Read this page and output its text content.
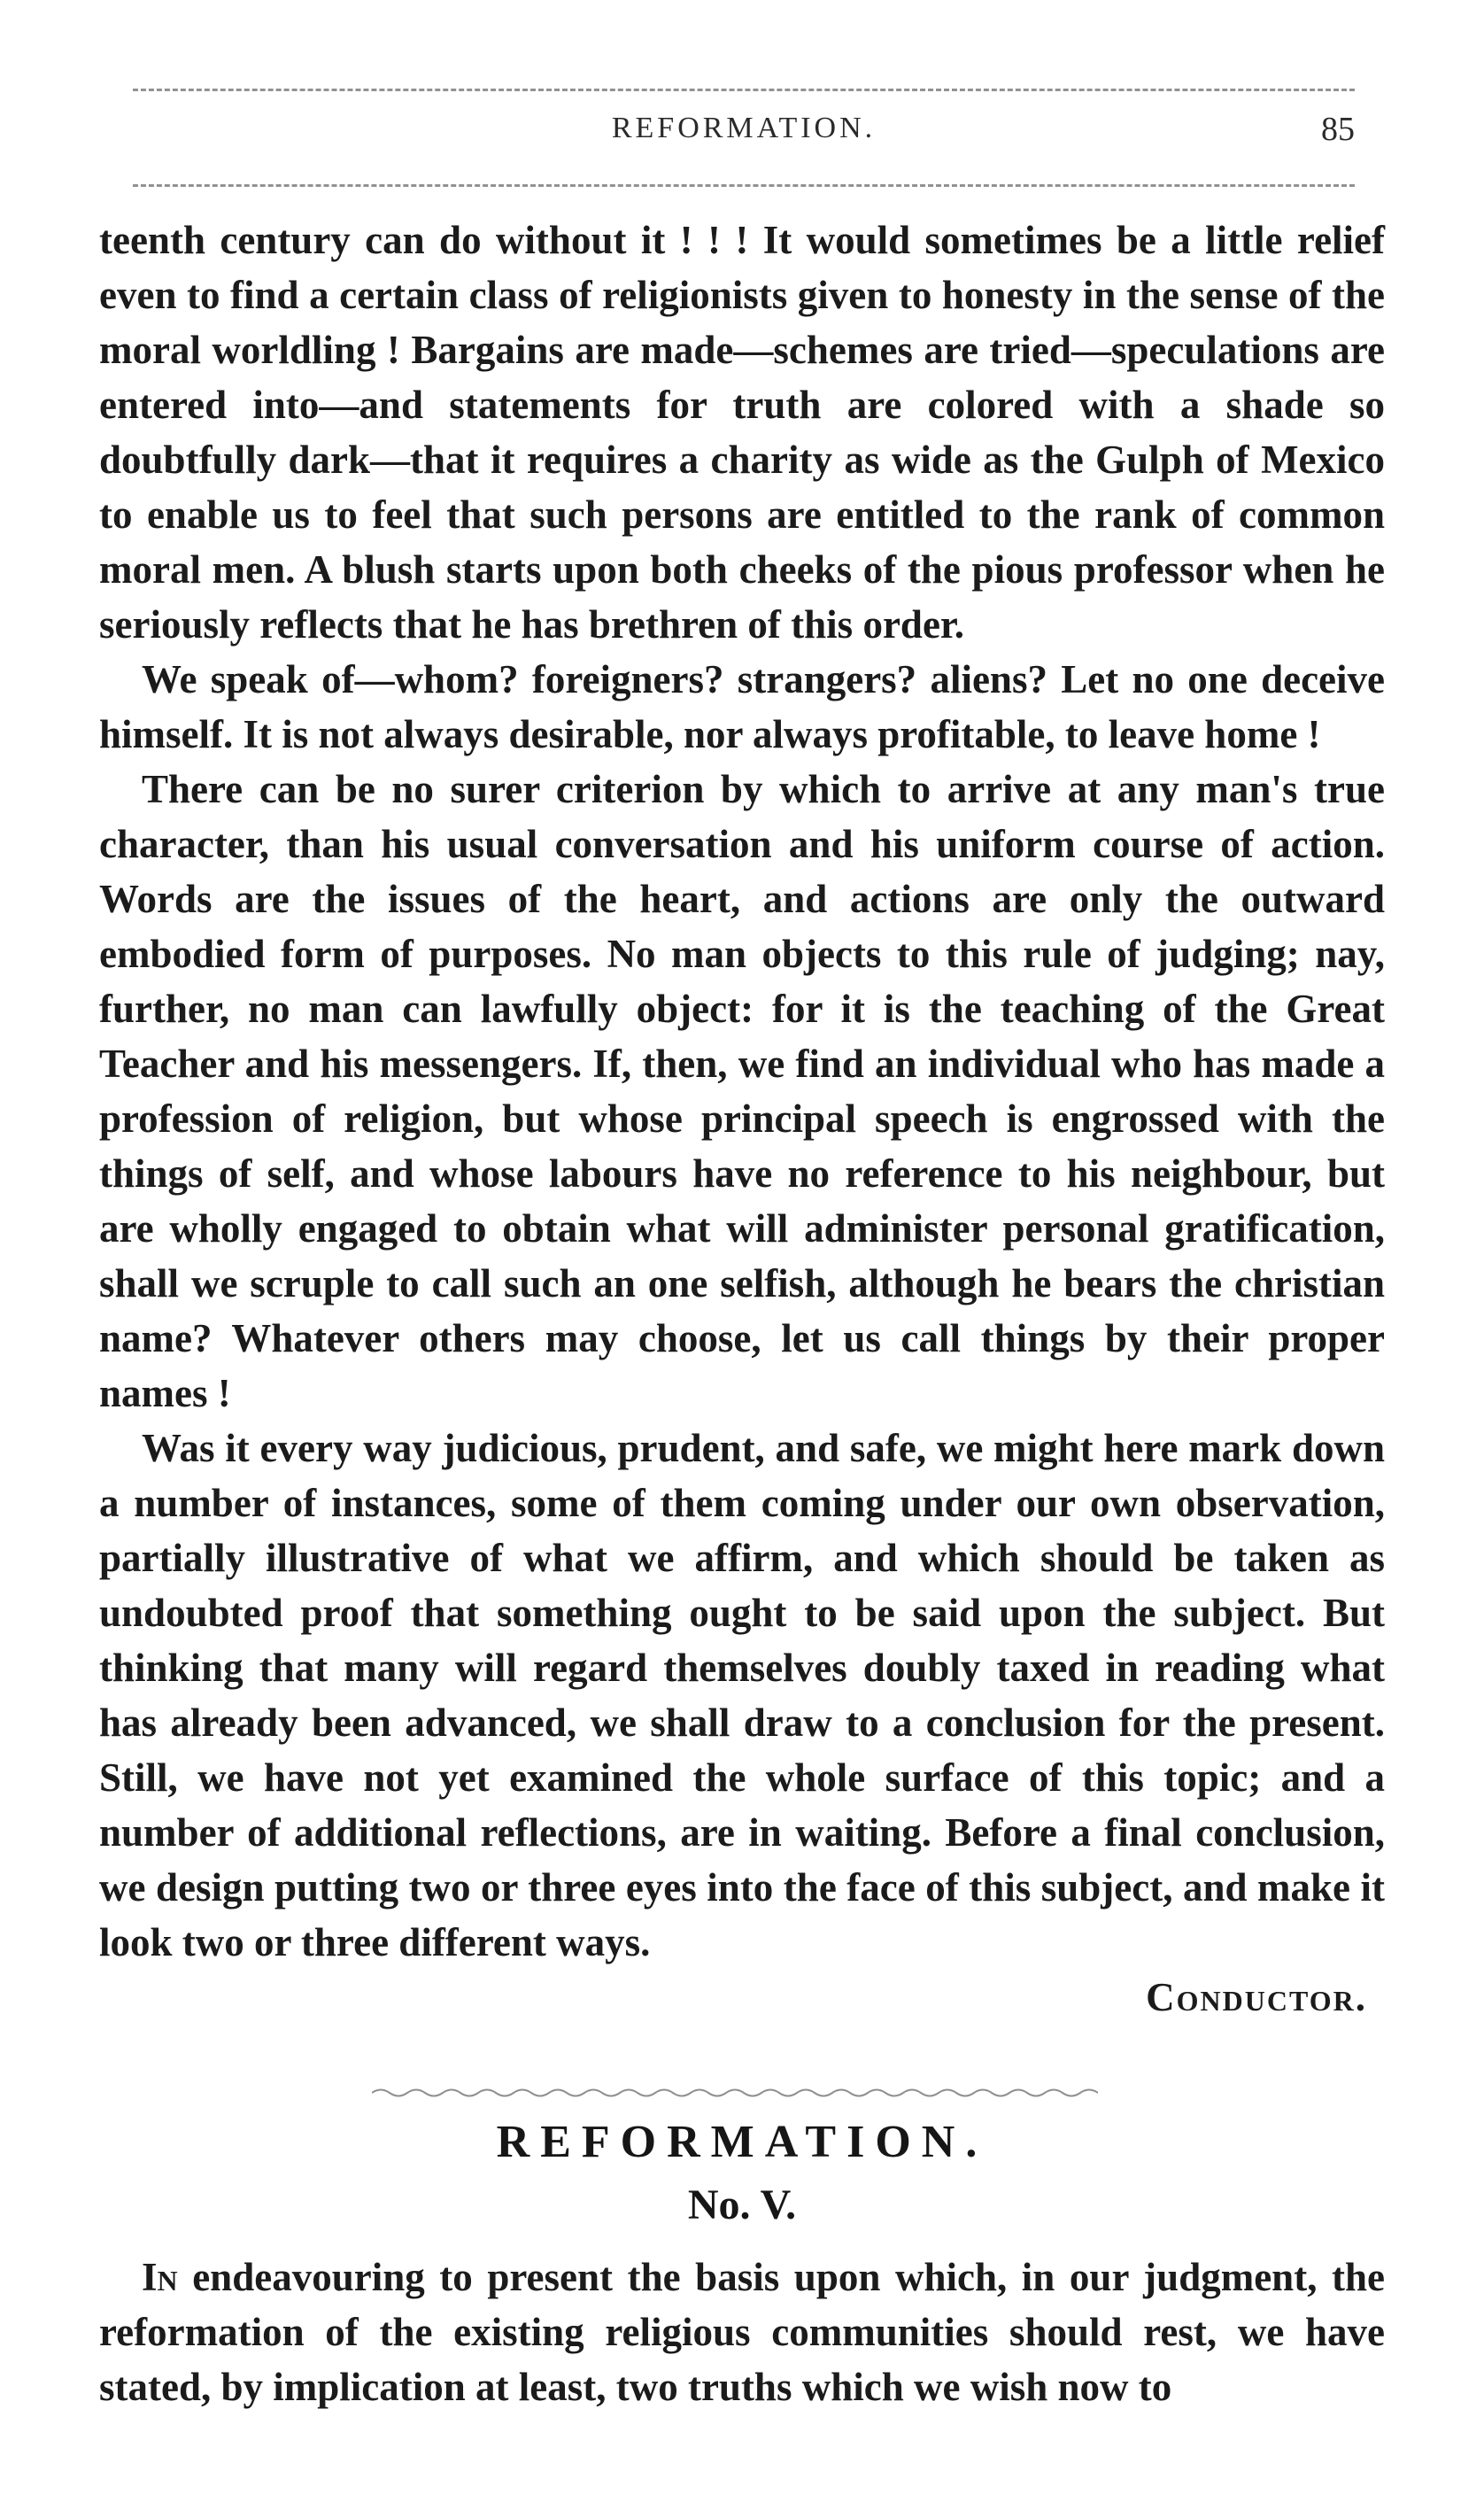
REFORMATION.	85

teenth century can do without it ! ! ! It would sometimes be a little relief even to find a certain class of religionists given to honesty in the sense of the moral worldling ! Bargains are made—schemes are tried—speculations are entered into—and statements for truth are colored with a shade so doubtfully dark—that it requires a charity as wide as the Gulph of Mexico to enable us to feel that such persons are entitled to the rank of common moral men. A blush starts upon both cheeks of the pious professor when he seriously reflects that he has brethren of this order.

We speak of—whom? foreigners? strangers? aliens? Let no one deceive himself. It is not always desirable, nor always profitable, to leave home !

There can be no surer criterion by which to arrive at any man's true character, than his usual conversation and his uniform course of action. Words are the issues of the heart, and actions are only the outward embodied form of purposes. No man objects to this rule of judging; nay, further, no man can lawfully object: for it is the teaching of the Great Teacher and his messengers. If, then, we find an individual who has made a profession of religion, but whose principal speech is engrossed with the things of self, and whose labours have no reference to his neighbour, but are wholly engaged to obtain what will administer personal gratification, shall we scruple to call such an one selfish, although he bears the christian name? Whatever others may choose, let us call things by their proper names !

Was it every way judicious, prudent, and safe, we might here mark down a number of instances, some of them coming under our own observation, partially illustrative of what we affirm, and which should be taken as undoubted proof that something ought to be said upon the subject. But thinking that many will regard themselves doubly taxed in reading what has already been advanced, we shall draw to a conclusion for the present. Still, we have not yet examined the whole surface of this topic; and a number of additional reflections, are in waiting. Before a final conclusion, we design putting two or three eyes into the face of this subject, and make it look two or three different ways.

Conductor.
REFORMATION.
No. V.

In endeavouring to present the basis upon which, in our judgment, the reformation of the existing religious communities should rest, we have stated, by implication at least, two truths which we wish now to
